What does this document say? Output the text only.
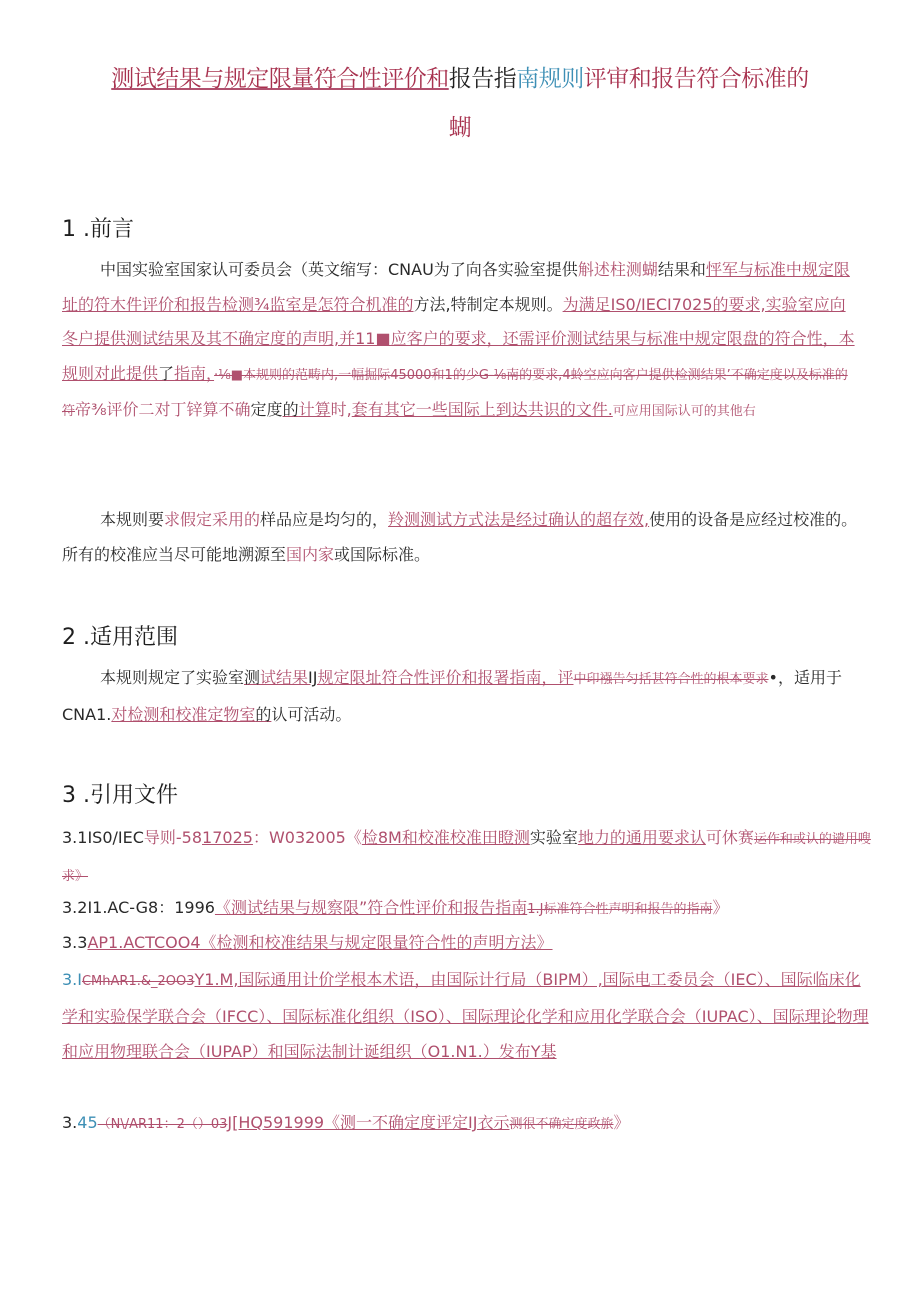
测试结果与规定限量符合性评价和报告指南规则评审和报告符合标准的
蝴
1 .前言
中国实验室国家认可委员会（英文缩写：CNAU为了向各实验室提供斛述柱测蝴结果和怦军与标准中规定限址的符木件评价和报告检测¾监室是怎符合机准的方法,特制定本规则。为满足IS0/IECI7025的要求,实验室应向冬户提供测试结果及其不确定度的声明,并11■应客户的要求，还需评价测试结果与标准中规定限盘的符合性，本规则对此提供了指南，·⅛■本规则的范畴内,一幅掘际45000和1的少G-⅛南的要求,4蛉空应向客户提供检测结果’不确定度以及标准的符帝⅜评价二对丁锌算不确定度的计算时,套有其它一些国际上到达共识的文件.可应用国际认可的其他右
本规则要求假定采用的样品应是均匀的，羚测测试方式法是经过确认的超存效,使用的设备是应经过校准的。所有的校准应当尽可能地溯源至国内家或国际标准。
2 .适用范围
本规则规定了实验室测试结果IJ规定限址符合性评价和报署指南，评中印襁告匀括甚符合性的根本要求•，适用于CNA1.对检测和校准定物室的认可活动。
3 .引用文件
3.1IS0/IEC导则-5817025：W032005《检8M和校准校准田瞪测实验室地力的通用要求认可休赛运作和或认的谴用嗖求》
3.2I1.AC-G8：1996《测试结果与规察限”符合性评价和报告指南1.J标准符合性声明和报告的指南》
3.3AP1.ACTCOO4《检测和校准结果与规定限量符合性的声明方法》
3.ICMhAR1.&_2OO3Y1.M,国际通用计价学根本术语，由国际计行局（BIPM）,国际电工委员会（IEC）、国际临床化学和实验保学联合会（IFCC）、国际标准化组织（ISO）、国际理论化学和应用化学联合会（IUPAC）、国际理论物理和应用物理联合会（IUPAP）和国际法制计诞组织（O1.N1.）发布Y基
3.45（N\/AR11：2（）03J[HQ591999《测一不确定度评定IJ衣示测很不确定度政旅》
